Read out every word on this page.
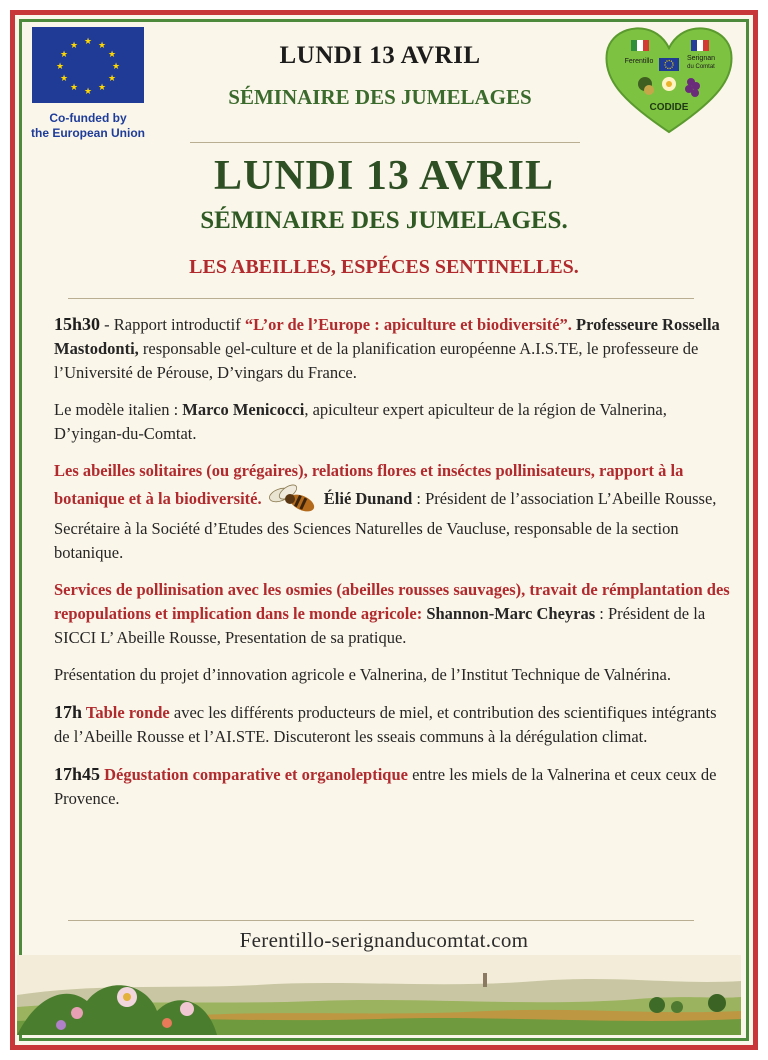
★ ★
★
★
★
★
★
★
★
★
★
★
Co-funded by
the European Union
LUNDI 13 AVRIL
SÉMINAIRE DES JUMELAGES
Ferentillo	Serignan
du Comtat
CODIDE
LUNDI 13 AVRIL
SÉMINAIRE DES JUMELAGES.
LES ABEILLES, ESPÉCES SENTINELLES.

15h30 - Rapport introductif “L’or de l’Europe : apiculture et biodiversité”. Professeure Rossella Mastodonti, responsable ϱel-culture et de la planification européenne A.I.S.TE, le professeure de l’Université de Pérouse, D’vingars du France.

Le modèle italien : Marco Menicocci, apiculteur expert apiculteur de la région de Valnerina, D’yingan-du-Comtat.

Les abeilles solitaires (ou grégaires), relations flores et inséctes pollinisateurs, rapport à la botanique et à la biodiversité.	Élié Dunand : Président de l’association L’Abeille Rousse, Secrétaire à la Société d’Etudes des Sciences Naturelles de Vaucluse, responsable de la section botanique.

Services de pollinisation avec les osmies (abeilles rousses sauvages), travait de rémplantation des repopulations et implication dans le monde agricole: Shannon-Marc Cheyras : Président de la SICCI L’ Abeille Rousse, Presentation de sa pratique.

Présentation du projet d’innovation agricole e Valnerina, de l’Institut Technique de Valnérina.

17h Table ronde avec les différents producteurs de miel, et contribution des scientifiques intégrants de l’Abeille Rousse et l’AI.STE. Discuteront les sseais communs à la dérégulation climat.

17h45 Dégustation comparative et organoleptique entre les miels de la Valnerina et ceux ceux de Provence.

Ferentillo-serignanducomtat.com
